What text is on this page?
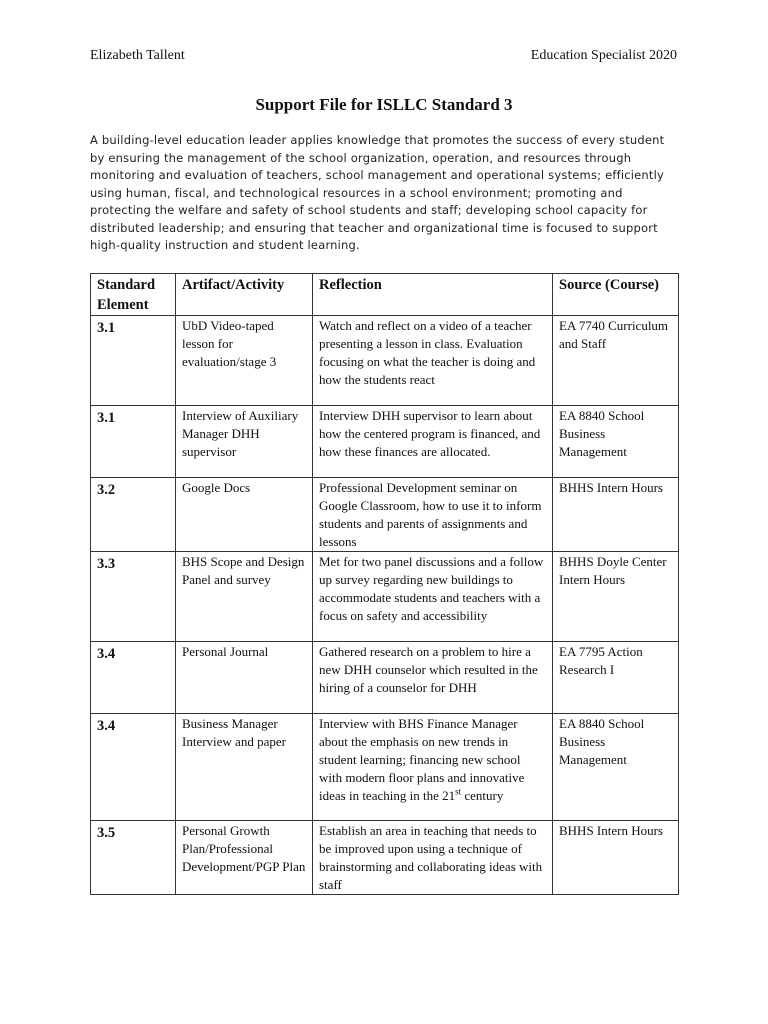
Elizabeth Tallent	Education Specialist 2020
Support File for ISLLC Standard 3

A building-level education leader applies knowledge that promotes the success of every student by ensuring the management of the school organization, operation, and resources through monitoring and evaluation of teachers, school management and operational systems; efficiently using human, fiscal, and technological resources in a school environment; promoting and protecting the welfare and safety of school students and staff; developing school capacity for distributed leadership; and ensuring that teacher and organizational time is focused to support high-quality instruction and student learning.

Standard Element	Artifact/Activity	Reflection	Source (Course)
3.1	UbD Video-taped lesson for evaluation/stage 3	Watch and reflect on a video of a teacher presenting a lesson in class. Evaluation focusing on what the teacher is doing and how the students react	EA 7740 Curriculum and Staff
3.1	Interview of Auxiliary Manager DHH supervisor	Interview DHH supervisor to learn about how the centered program is financed, and how these finances are allocated.	EA 8840 School Business Management
3.2	Google Docs	Professional Development seminar on Google Classroom, how to use it to inform students and parents of assignments and lessons	BHHS Intern Hours
3.3	BHS Scope and Design Panel and survey	Met for two panel discussions and a follow up survey regarding new buildings to accommodate students and teachers with a focus on safety and accessibility	BHHS Doyle Center Intern Hours
3.4	Personal Journal	Gathered research on a problem to hire a new DHH counselor which resulted in the hiring of a counselor for DHH	EA 7795 Action Research I
3.4	Business Manager Interview and paper	Interview with BHS Finance Manager about the emphasis on new trends in student learning; financing new school with modern floor plans and innovative ideas in teaching in the 21st century	EA 8840 School Business Management
3.5	Personal Growth Plan/Professional Development/PGP Plan	Establish an area in teaching that needs to be improved upon using a technique of brainstorming and collaborating ideas with staff	BHHS Intern Hours
